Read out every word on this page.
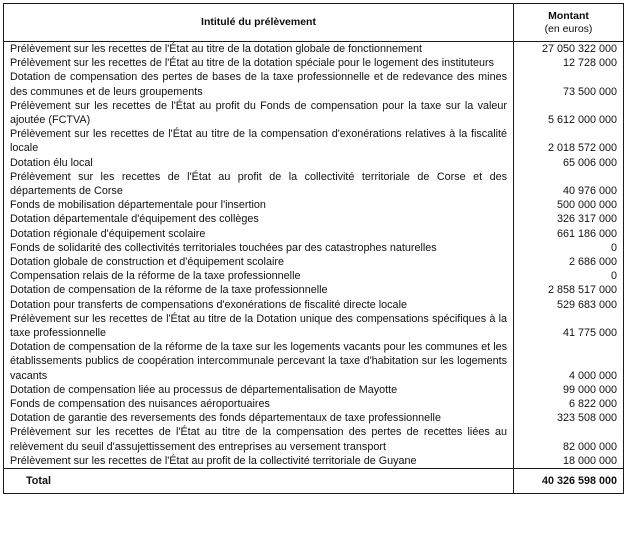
Intitulé du prélèvement	Montant
(en euros)

Prélèvement sur les recettes de l'État au titre de la dotation globale de fonctionnement	27 050 322 000
Prélèvement sur les recettes de l'État au titre de la dotation spéciale pour le logement des instituteurs	12 728 000
Dotation de compensation des pertes de bases de la taxe professionnelle et de redevance des mines des communes et de leurs groupements	73 500 000
Prélèvement sur les recettes de l'État au profit du Fonds de compensation pour la taxe sur la valeur ajoutée (FCTVA)	5 612 000 000
Prélèvement sur les recettes de l'État au titre de la compensation d'exonérations relatives à la fiscalité locale	2 018 572 000
Dotation élu local	65 006 000
Prélèvement sur les recettes de l'État au profit de la collectivité territoriale de Corse et des départements de Corse	40 976 000
Fonds de mobilisation départementale pour l'insertion	500 000 000
Dotation départementale d'équipement des collèges	326 317 000
Dotation régionale d'équipement scolaire	661 186 000
Fonds de solidarité des collectivités territoriales touchées par des catastrophes naturelles	0
Dotation globale de construction et d'équipement scolaire	2 686 000
Compensation relais de la réforme de la taxe professionnelle	0
Dotation de compensation de la réforme de la taxe professionnelle	2 858 517 000
Dotation pour transferts de compensations d'exonérations de fiscalité directe locale	529 683 000
Prélèvement sur les recettes de l'État au titre de la Dotation unique des compensations spécifiques à la taxe professionnelle	41 775 000
Dotation de compensation de la réforme de la taxe sur les logements vacants pour les communes et les établissements publics de coopération intercommunale percevant la taxe d'habitation sur les logements vacants	4 000 000
Dotation de compensation liée au processus de départementalisation de Mayotte	99 000 000
Fonds de compensation des nuisances aéroportuaires	6 822 000
Dotation de garantie des reversements des fonds départementaux de taxe professionnelle	323 508 000
Prélèvement sur les recettes de l'État au titre de la compensation des pertes de recettes liées au relèvement du seuil d'assujettissement des entreprises au versement transport	82 000 000
Prélèvement sur les recettes de l'État au profit de la collectivité territoriale de Guyane	18 000 000
Total	40 326 598 000
